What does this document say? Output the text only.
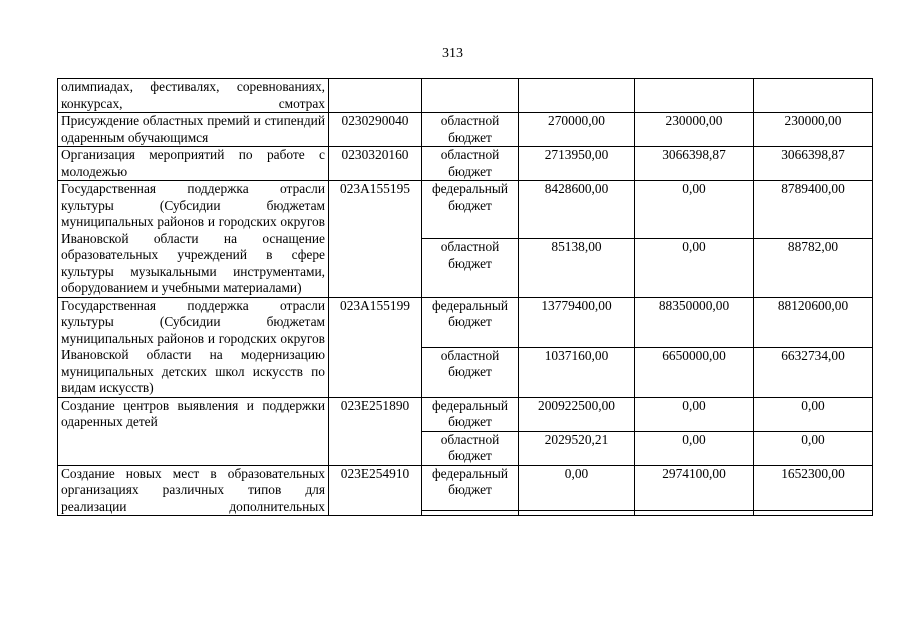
313
олимпиадах, фестивалях, соревнованиях, конкурсах, смотрах					
Присуждение областных премий и стипендий одаренным обучающимся	0230290040	областной бюджет	270000,00	230000,00	230000,00
Организация мероприятий по работе с молодежью	0230320160	областной бюджет	2713950,00	3066398,87	3066398,87
Государственная поддержка отрасли культуры (Субсидии бюджетам муниципальных районов и городских округов Ивановской области на оснащение образовательных учреждений в сфере культуры музыкальными инструментами, оборудованием и учебными материалами)	023A155195	федеральный бюджет	8428600,00	0,00	8789400,00
		областной бюджет	85138,00	0,00	88782,00
Государственная поддержка отрасли культуры (Субсидии бюджетам муниципальных районов и городских округов Ивановской области на модернизацию муниципальных детских школ искусств по видам искусств)	023A155199	федеральный бюджет	13779400,00	88350000,00	88120600,00
		областной бюджет	1037160,00	6650000,00	6632734,00
Создание центров выявления и поддержки одаренных детей	023E251890	федеральный бюджет	200922500,00	0,00	0,00
		областной бюджет	2029520,21	0,00	0,00
Создание новых мест в образовательных организациях различных типов для реализации дополнительных	023E254910	федеральный бюджет	0,00	2974100,00	1652300,00
